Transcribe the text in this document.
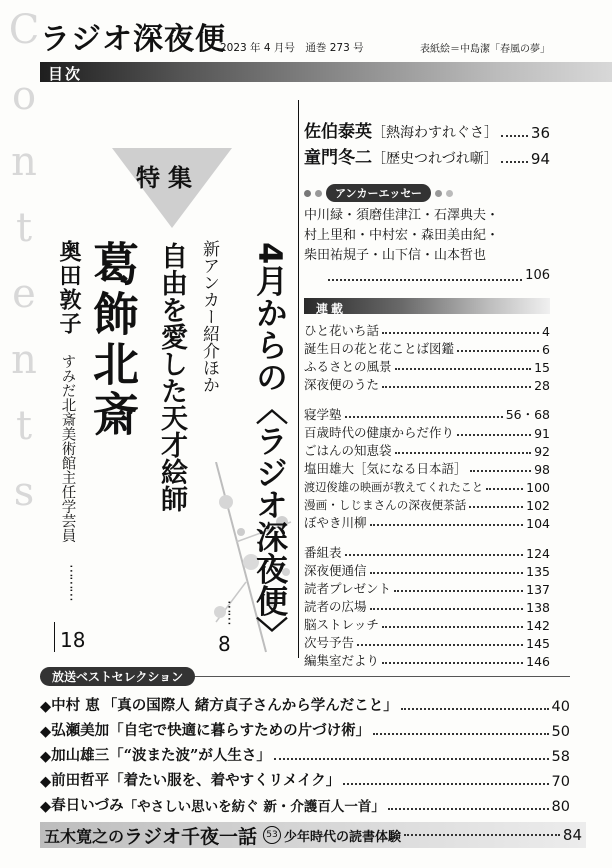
ラジオ深夜便
2023 年 4 月号　通巻 273 号	表紙絵＝中島潔「春風の夢」
目次
C
o
n
t
e
n
t
s
特集
4月からの〈ラジオ深夜便〉
新アンカー紹介ほか
⋯⋯
8
自由を愛した天才絵師
葛飾北斎
奥田敦子
すみだ北斎美術館主任学芸員
⋯⋯⋯
18
佐伯泰英 ［熱海わすれぐさ］ 36
童門冬二 ［歴史つれづれ噺］ 94
アンカーエッセー
中川緑・須磨佳津江・石澤典夫・
村上里和・中村宏・森田美由紀・
柴田祐規子・山下信・山本哲也
106
連載
ひと花いち話	4
誕生日の花と花ことば図鑑	6
ふるさとの風景	15
深夜便のうた	28
寝学塾	56・68
百歳時代の健康からだ作り	91
ごはんの知恵袋	92
塩田雄大［気になる日本語］	98
渡辺俊雄の映画が教えてくれたこと	100
漫画・しじまさんの深夜便茶話	102
ぼやき川柳	104
番組表	124
深夜便通信	135
読者プレゼント	137
読者の広場	138
脳ストレッチ	142
次号予告	145
編集室だより	146
放送ベストセレクション
◆ 中村 恵 「真の国際人 緒方貞子さんから学んだこと」	40
◆ 弘瀬美加 「自宅で快適に暮らすための片づけ術」	50
◆ 加山雄三 「“波また波”が人生さ」	58
◆ 前田哲平 「着たい服を、着やすくリメイク」	70
◆ 春日いづみ 「やさしい思いを紡ぐ 新・介護百人一首」	80
五木寛之の ラジオ千夜一話	53 少年時代の読書体験	84
